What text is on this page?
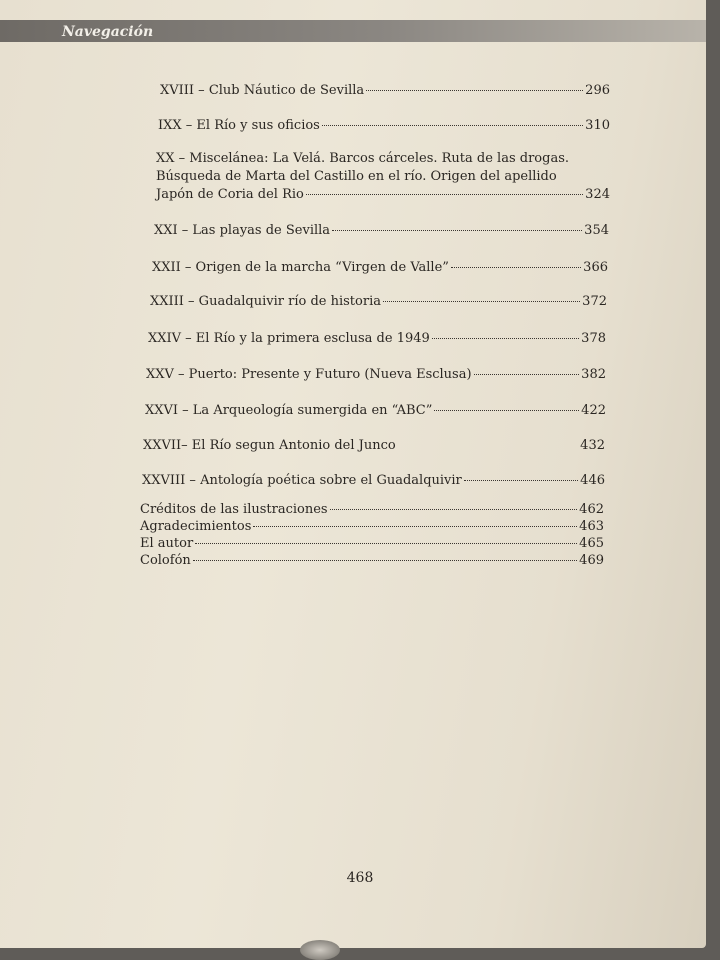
Navegación
XVIII – Club Náutico de Sevilla	296
IXX – El Río y sus oficios	310
XX – Miscelánea: La Velá. Barcos cárceles. Ruta de las drogas.
Búsqueda de Marta del Castillo en el río. Origen del apellido
Japón de Coria del Rio	324
XXI – Las playas de Sevilla	354
XXII – Origen de la marcha “Virgen de Valle”	366
XXIII – Guadalquivir río de historia	372
XXIV – El Río y la primera esclusa de 1949	378
XXV – Puerto: Presente y Futuro (Nueva Esclusa)	382
XXVI – La Arqueología sumergida en “ABC”	422
XXVII– El Río segun Antonio del Junco	432
XXVIII – Antología poética sobre el Guadalquivir	446
Créditos de las ilustraciones	462
Agradecimientos	463
El autor	465
Colofón	469
468
